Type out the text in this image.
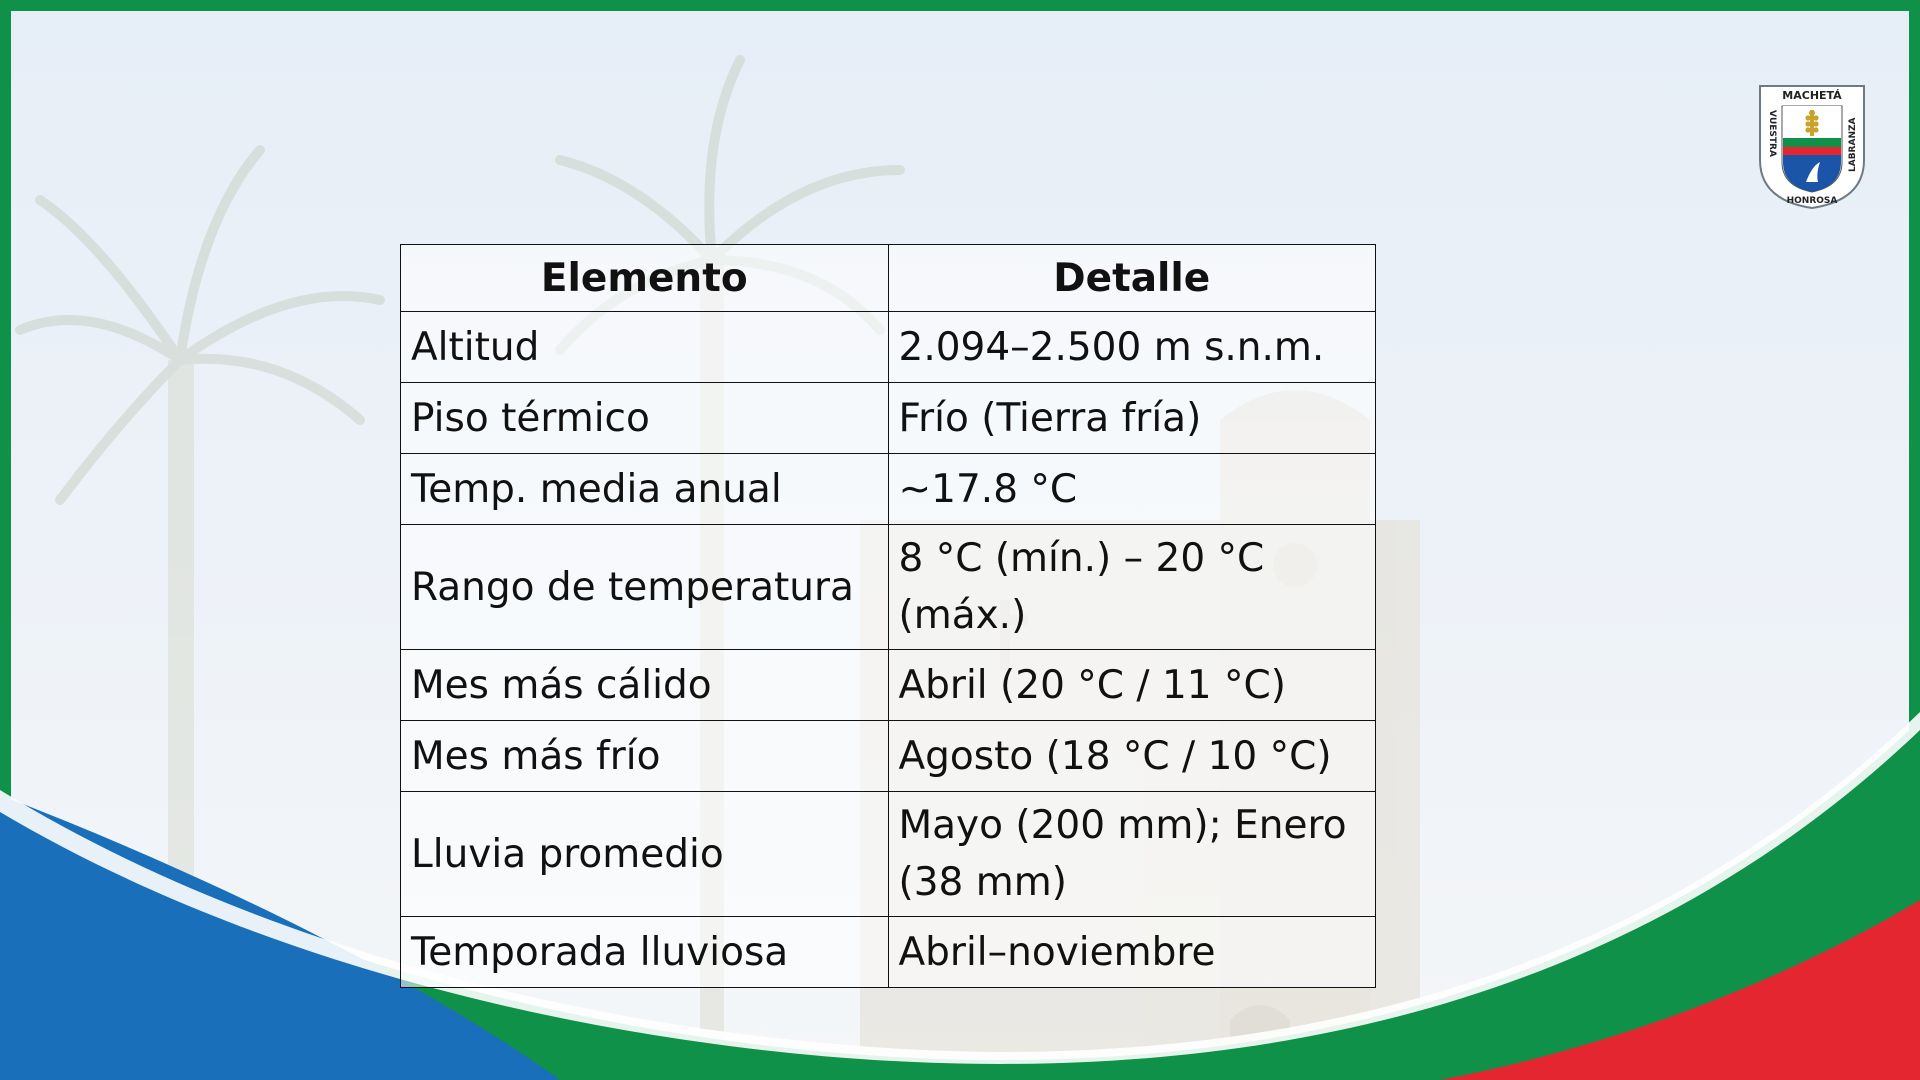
MACHETÁ
VUESTRA	LABRANZA
HONROSA
Elemento	Detalle
Altitud	2.094–2.500 m s.n.m.
Piso térmico	Frío (Tierra fría)
Temp. media anual	~17.8 °C
Rango de temperatura	8 °C (mín.) – 20 °C (máx.)
Mes más cálido	Abril (20 °C / 11 °C)
Mes más frío	Agosto (18 °C / 10 °C)
Lluvia promedio	Mayo (200 mm); Enero (38 mm)
Temporada lluviosa	Abril–noviembre
